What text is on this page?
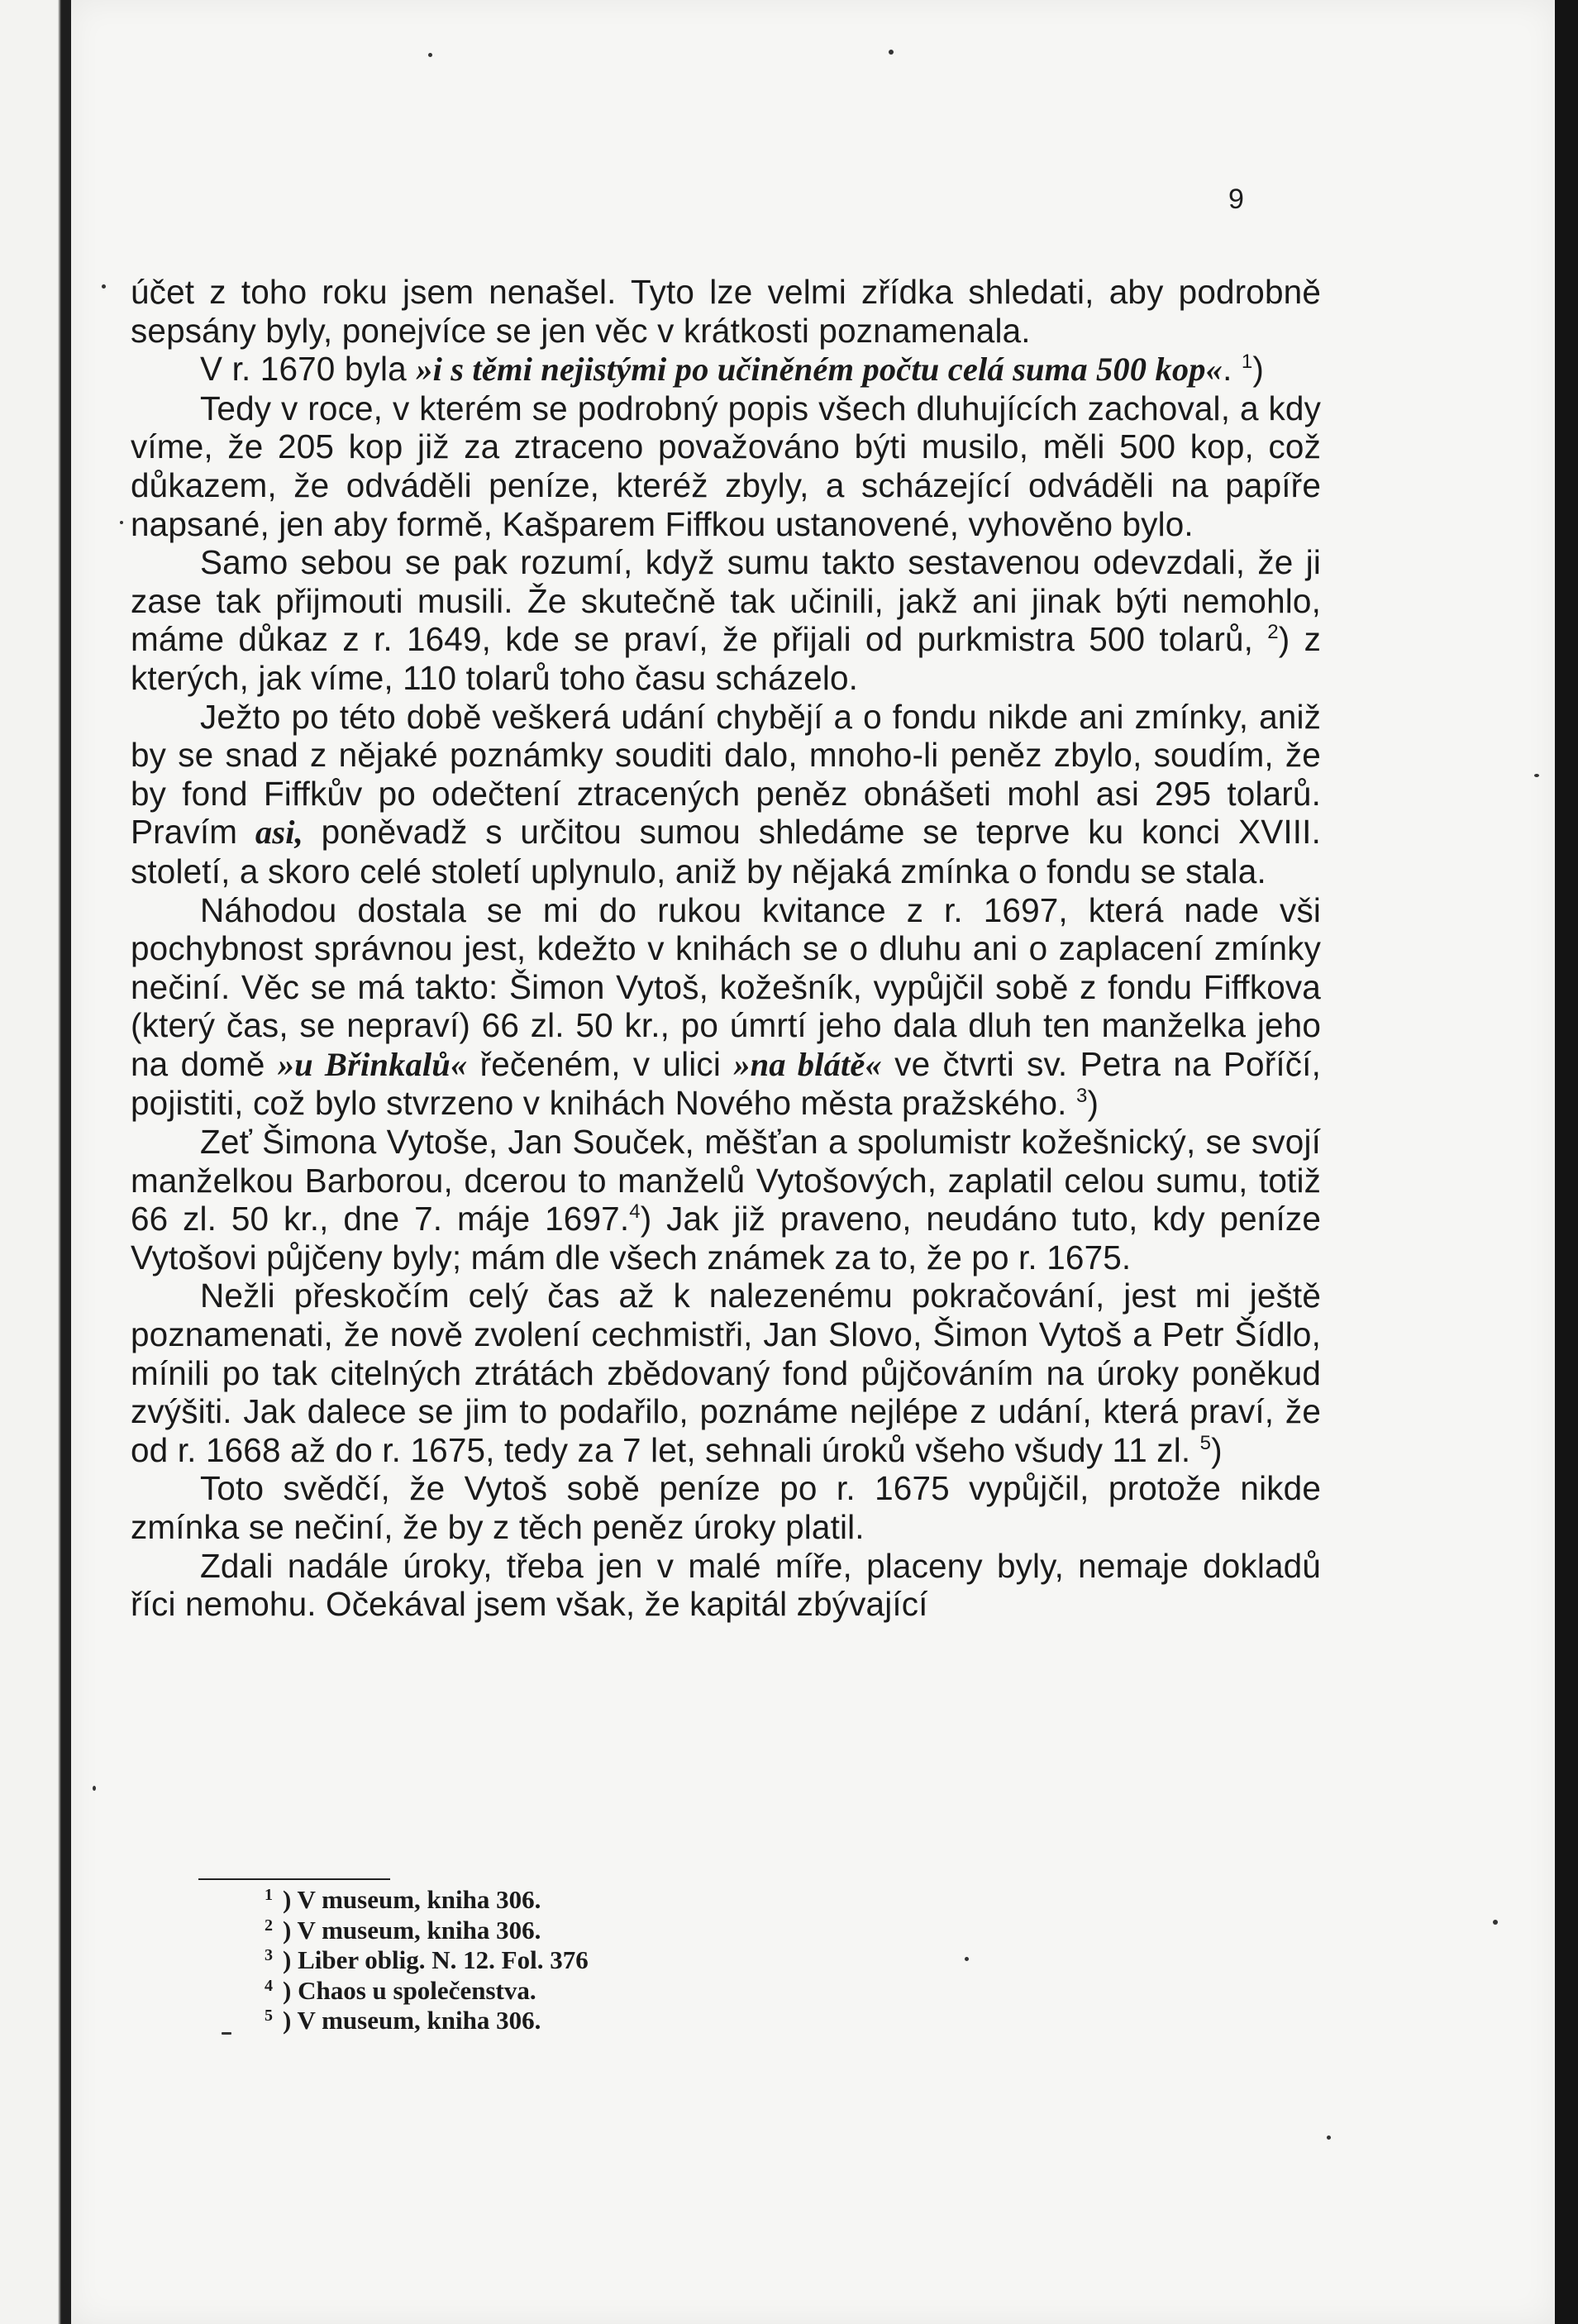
9

účet z toho roku jsem nenašel. Tyto lze velmi zřídka shledati, aby podrobně sepsány byly, ponejvíce se jen věc v krátkosti poznamenala.

V r. 1670 byla »i s těmi nejistými po učiněném počtu celá suma 500 kop«. $^1$)

Tedy v roce, v kterém se podrobný popis všech dluhujících zachoval, a kdy víme, že 205 kop již za ztraceno považováno býti musilo, měli 500 kop, což důkazem, že odváděli peníze, kteréž zbyly, a scházející odváděli na papíře napsané, jen aby formě, Kašparem Fiffkou ustanovené, vyhověno bylo.

Samo sebou se pak rozumí, když sumu takto sestavenou odevzdali, že ji zase tak přijmouti musili. Že skutečně tak učinili, jakž ani jinak býti nemohlo, máme důkaz z r. 1649, kde se praví, že přijali od purkmistra 500 tolarů, $^2$) z kterých, jak víme, 110 tolarů toho času scházelo.

Ježto po této době veškerá udání chybějí a o fondu nikde ani zmínky, aniž by se snad z nějaké poznámky souditi dalo, mnoho-li peněz zbylo, soudím, že by fond Fiffkův po odečtení ztracených peněz obnášeti mohl asi 295 tolarů. Pravím asi, poněvadž s určitou sumou shledáme se teprve ku konci XVIII. století, a skoro celé století uplynulo, aniž by nějaká zmínka o fondu se stala.

Náhodou dostala se mi do rukou kvitance z r. 1697, která nade vši pochybnost správnou jest, kdežto v knihách se o dluhu ani o zaplacení zmínky nečiní. Věc se má takto: Šimon Vytoš, kožešník, vypůjčil sobě z fondu Fiffkova (který čas, se nepraví) 66 zl. 50 kr., po úmrtí jeho dala dluh ten manželka jeho na domě »u Břinkalů« řečeném, v ulici »na blátě« ve čtvrti sv. Petra na Poříčí, pojistiti, což bylo stvrzeno v knihách Nového města pražského. $^3$)

Zeť Šimona Vytoše, Jan Souček, měšťan a spolumistr kožešnický, se svojí manželkou Barborou, dcerou to manželů Vytošových, zaplatil celou sumu, totiž 66 zl. 50 kr., dne 7. máje 1697.$^4$) Jak již praveno, neudáno tuto, kdy peníze Vytošovi půjčeny byly; mám dle všech známek za to, že po r. 1675.

Nežli přeskočím celý čas až k nalezenému pokračování, jest mi ještě poznamenati, že nově zvolení cechmistři, Jan Slovo, Šimon Vytoš a Petr Šídlo, mínili po tak citelných ztrátách zbědovaný fond půjčováním na úroky poněkud zvýšiti. Jak dalece se jim to podařilo, poznáme nejlépe z udání, která praví, že od r. 1668 až do r. 1675, tedy za 7 let, sehnali úroků všeho všudy 11 zl. $^5$)

Toto svědčí, že Vytoš sobě peníze po r. 1675 vypůjčil, protože nikde zmínka se nečiní, že by z těch peněz úroky platil.

Zdali nadále úroky, třeba jen v malé míře, placeny byly, nemaje dokladů říci nemohu. Očekával jsem však, že kapitál zbývající

1 ) V museum, kniha 306.
2 ) V museum, kniha 306.
3 ) Liber oblig. N. 12. Fol. 376
4 ) Chaos u společenstva.
5 ) V museum, kniha 306.
